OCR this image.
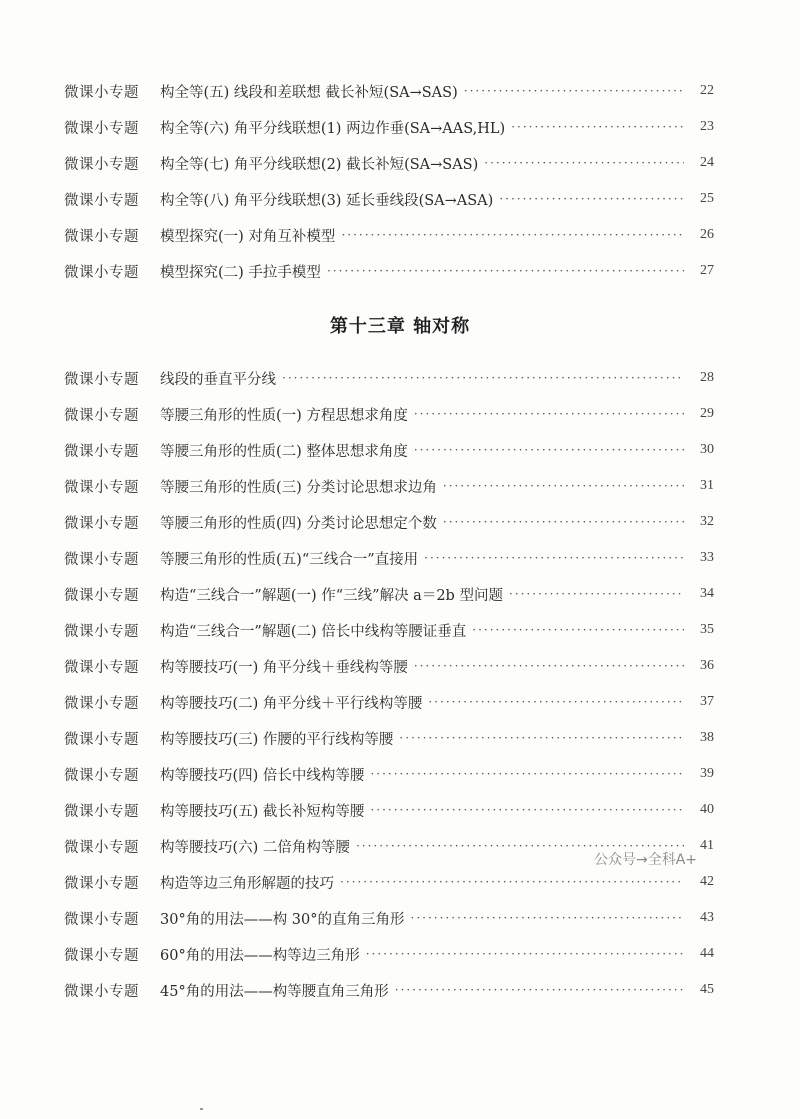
微课小专题	构全等(五) 线段和差联想 截长补短(SA→SAS) ·····	22
微课小专题	构全等(六) 角平分线联想(1) 两边作垂(SA→AAS,HL) ·····	23
微课小专题	构全等(七) 角平分线联想(2) 截长补短(SA→SAS) ·····	24
微课小专题	构全等(八) 角平分线联想(3) 延长垂线段(SA→ASA) ·····	25
微课小专题	模型探究(一) 对角互补模型 ·····	26
微课小专题	模型探究(二) 手拉手模型 ·····	27
第十三章 轴对称
微课小专题	线段的垂直平分线 ·····	28
微课小专题	等腰三角形的性质(一) 方程思想求角度 ·····	29
微课小专题	等腰三角形的性质(二) 整体思想求角度 ·····	30
微课小专题	等腰三角形的性质(三) 分类讨论思想求边角 ·····	31
微课小专题	等腰三角形的性质(四) 分类讨论思想定个数 ·····	32
微课小专题	等腰三角形的性质(五)“三线合一”直接用 ·····	33
微课小专题	构造“三线合一”解题(一) 作“三线”解决 a＝2b 型问题 ·····	34
微课小专题	构造“三线合一”解题(二) 倍长中线构等腰证垂直 ·····	35
微课小专题	构等腰技巧(一) 角平分线＋垂线构等腰 ·····	36
微课小专题	构等腰技巧(二) 角平分线＋平行线构等腰 ·····	37
微课小专题	构等腰技巧(三) 作腰的平行线构等腰 ·····	38
微课小专题	构等腰技巧(四) 倍长中线构等腰 ·····	39
微课小专题	构等腰技巧(五) 截长补短构等腰 ·····	40
微课小专题	构等腰技巧(六) 二倍角构等腰 ·····	41
微课小专题	构造等边三角形解题的技巧 ·····	42
微课小专题	30°角的用法——构 30°的直角三角形 ·····	43
微课小专题	60°角的用法——构等边三角形 ·····	44
微课小专题	45°角的用法——构等腰直角三角形 ·····	45
公众号→全科A+
